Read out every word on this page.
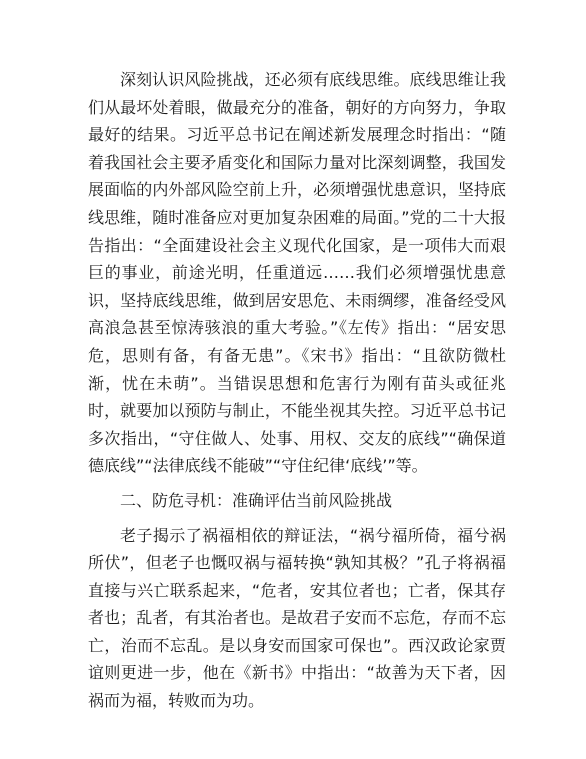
深刻认识风险挑战，还必须有底线思维。底线思维让我们从最坏处着眼，做最充分的准备，朝好的方向努力，争取最好的结果。习近平总书记在阐述新发展理念时指出：“随着我国社会主要矛盾变化和国际力量对比深刻调整，我国发展面临的内外部风险空前上升，必须增强忧患意识，坚持底线思维，随时准备应对更加复杂困难的局面。”党的二十大报告指出：“全面建设社会主义现代化国家，是一项伟大而艰巨的事业，前途光明，任重道远……我们必须增强忧患意识，坚持底线思维，做到居安思危、未雨绸缪，准备经受风高浪急甚至惊涛骇浪的重大考验。”《左传》指出：“居安思危，思则有备，有备无患”。《宋书》指出：“且欲防微杜渐，忧在未萌”。当错误思想和危害行为刚有苗头或征兆时，就要加以预防与制止，不能坐视其失控。习近平总书记多次指出，“守住做人、处事、用权、交友的底线”“确保道德底线”“法律底线不能破”“守住纪律‘底线’”等。

二、防危寻机：准确评估当前风险挑战

老子揭示了祸福相依的辩证法，“祸兮福所倚，福兮祸所伏”，但老子也慨叹祸与福转换“孰知其极？”孔子将祸福直接与兴亡联系起来，“危者，安其位者也；亡者，保其存者也；乱者，有其治者也。是故君子安而不忘危，存而不忘亡，治而不忘乱。是以身安而国家可保也”。西汉政论家贾谊则更进一步，他在《新书》中指出：“故善为天下者，因祸而为福，转败而为功。
